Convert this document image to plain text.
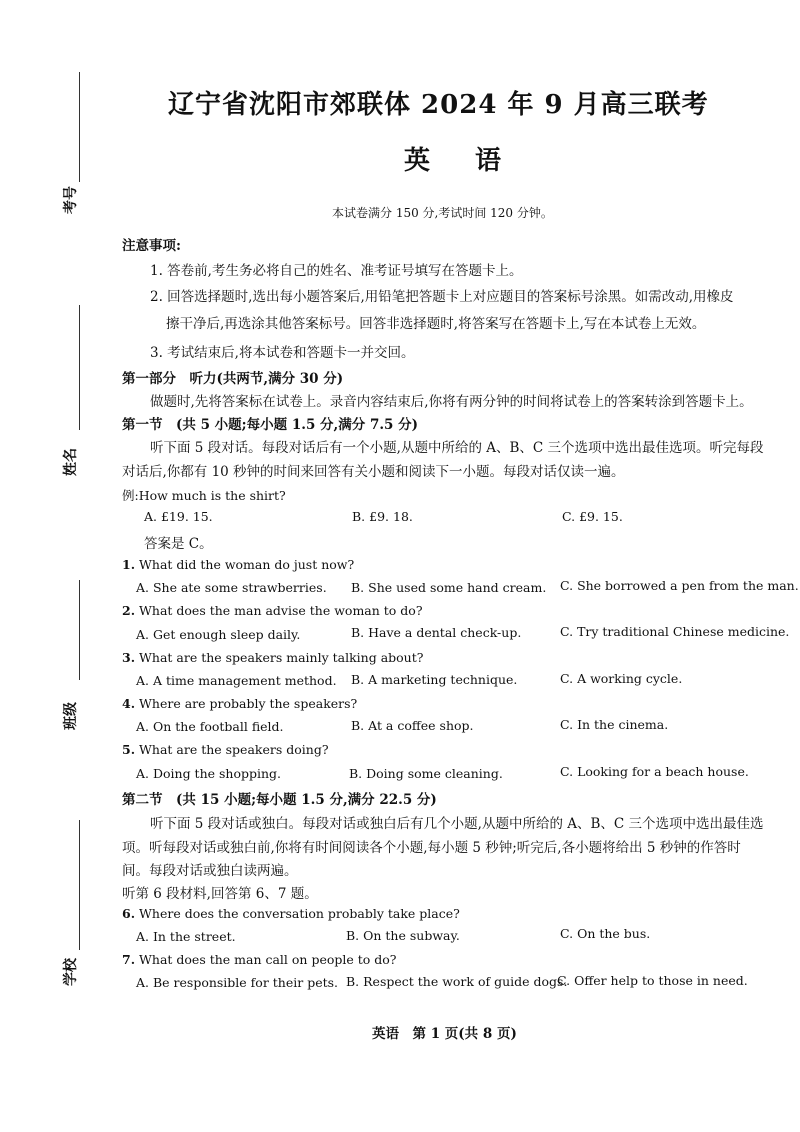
考号
姓名
班级
学校
辽宁省沈阳市郊联体 2024 年 9 月高三联考
英 语
本试卷满分 150 分,考试时间 120 分钟。
注意事项:
1. 答卷前,考生务必将自己的姓名、准考证号填写在答题卡上。
2. 回答选择题时,选出每小题答案后,用铅笔把答题卡上对应题目的答案标号涂黑。如需改动,用橡皮
擦干净后,再选涂其他答案标号。回答非选择题时,将答案写在答题卡上,写在本试卷上无效。
3. 考试结束后,将本试卷和答题卡一并交回。
第一部分　听力(共两节,满分 30 分)
做题时,先将答案标在试卷上。录音内容结束后,你将有两分钟的时间将试卷上的答案转涂到答题卡上。
第一节　(共 5 小题;每小题 1.5 分,满分 7.5 分)
听下面 5 段对话。每段对话后有一个小题,从题中所给的 A、B、C 三个选项中选出最佳选项。听完每段
对话后,你都有 10 秒钟的时间来回答有关小题和阅读下一小题。每段对话仅读一遍。
例:How much is the shirt?
A. £19. 15.	B. £9. 18.	C. £9. 15.
答案是 C。
1. What did the woman do just now?
A. She ate some strawberries. B. She used some hand cream. C. She borrowed a pen from the man.
2. What does the man advise the woman to do?
A. Get enough sleep daily.	B. Have a dental check-up.	C. Try traditional Chinese medicine.
3. What are the speakers mainly talking about?
A. A time management method. B. A marketing technique.	C. A working cycle.
4. Where are probably the speakers?
A. On the football field.	B. At a coffee shop.	C. In the cinema.
5. What are the speakers doing?
A. Doing the shopping.	B. Doing some cleaning.	C. Looking for a beach house.
第二节　(共 15 小题;每小题 1.5 分,满分 22.5 分)
听下面 5 段对话或独白。每段对话或独白后有几个小题,从题中所给的 A、B、C 三个选项中选出最佳选
项。听每段对话或独白前,你将有时间阅读各个小题,每小题 5 秒钟;听完后,各小题将给出 5 秒钟的作答时
间。每段对话或独白读两遍。
听第 6 段材料,回答第 6、7 题。
6. Where does the conversation probably take place?
A. In the street.	B. On the subway.	C. On the bus.
7. What does the man call on people to do?
A. Be responsible for their pets. B. Respect the work of guide dogs.
C. Offer help to those in need.
英语　第 1 页(共 8 页)
